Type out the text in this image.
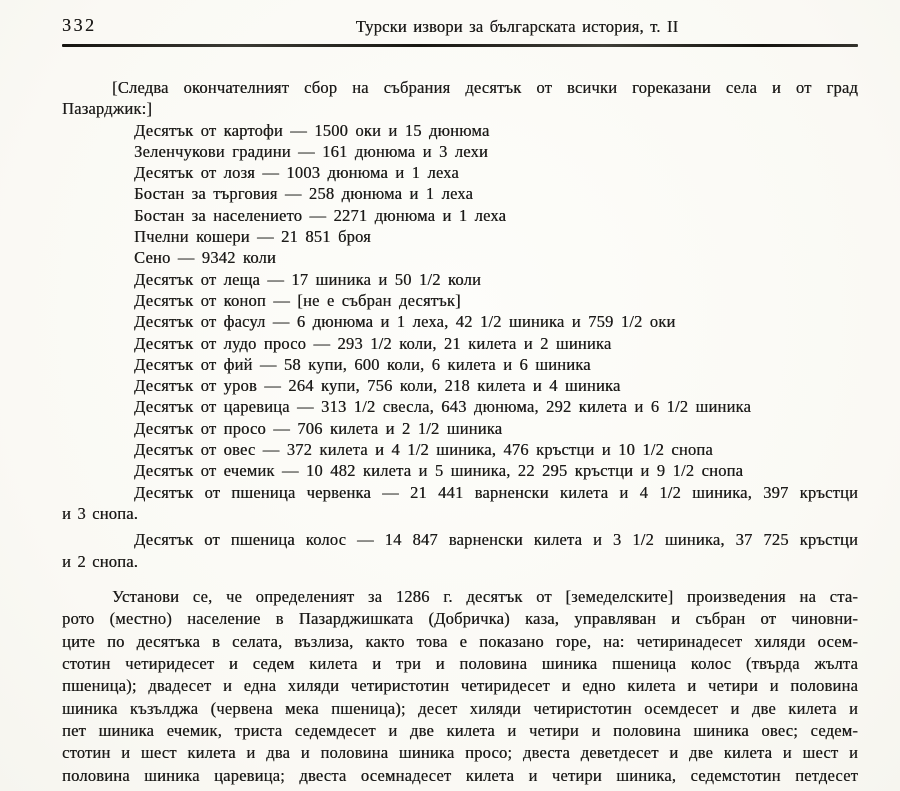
332	Турски извори за българската история, т. II

[Следва окончателният сбор на събрания десятък от всички гореказани села и от град

Пазарджик:]

Десятък от картофи — 1500 оки и 15 дюнюма

Зеленчукови градини — 161 дюнюма и 3 лехи

Десятък от лозя — 1003 дюнюма и 1 леха

Бостан за търговия — 258 дюнюма и 1 леха

Бостан за населението — 2271 дюнюма и 1 леха

Пчелни кошери — 21 851 броя

Сено — 9342 коли

Десятък от леща — 17 шиника и 50 1/2 коли

Десятък от коноп — [не е събран десятък]

Десятък от фасул — 6 дюнюма и 1 леха, 42 1/2 шиника и 759 1/2 оки

Десятък от лудо просо — 293 1/2 коли, 21 килета и 2 шиника

Десятък от фий — 58 купи, 600 коли, 6 килета и 6 шиника

Десятък от уров — 264 купи, 756 коли, 218 килета и 4 шиника

Десятък от царевица — 313 1/2 свесла, 643 дюнюма, 292 килета и 6 1/2 шиника

Десятък от просо — 706 килета и 2 1/2 шиника

Десятък от овес — 372 килета и 4 1/2 шиника, 476 кръстци и 10 1/2 снопа

Десятък от ечемик — 10 482 килета и 5 шиника, 22 295 кръстци и 9 1/2 снопа

Десятък от пшеница червенка — 21 441 варненски килета и 4 1/2 шиника, 397 кръстци

и 3 снопа.

Десятък от пшеница колос — 14 847 варненски килета и 3 1/2 шиника, 37 725 кръстци

и 2 снопа.

Установи се, че определеният за 1286 г. десятък от [земеделските] произведения на ста-

рото (местно) население в Пазарджишката (Добричка) каза, управляван и събран от чиновни-

ците по десятъка в селата, възлиза, както това е показано горе, на: четиринадесет хиляди осем-

стотин четиридесет и седем килета и три и половина шиника пшеница колос (твърда жълта

пшеница); двадесет и една хиляди четиристотин четиридесет и едно килета и четири и половина

шиника къзълджа (червена мека пшеница); десет хиляди четиристотин осемдесет и две килета и

пет шиника ечемик, триста седемдесет и две килета и четири и половина шиника овес; седем-

стотин и шест килета и два и половина шиника просо; двеста деветдесет и две килета и шест и

половина шиника царевица; двеста осемнадесет килета и четири шиника, седемстотин петдесет
